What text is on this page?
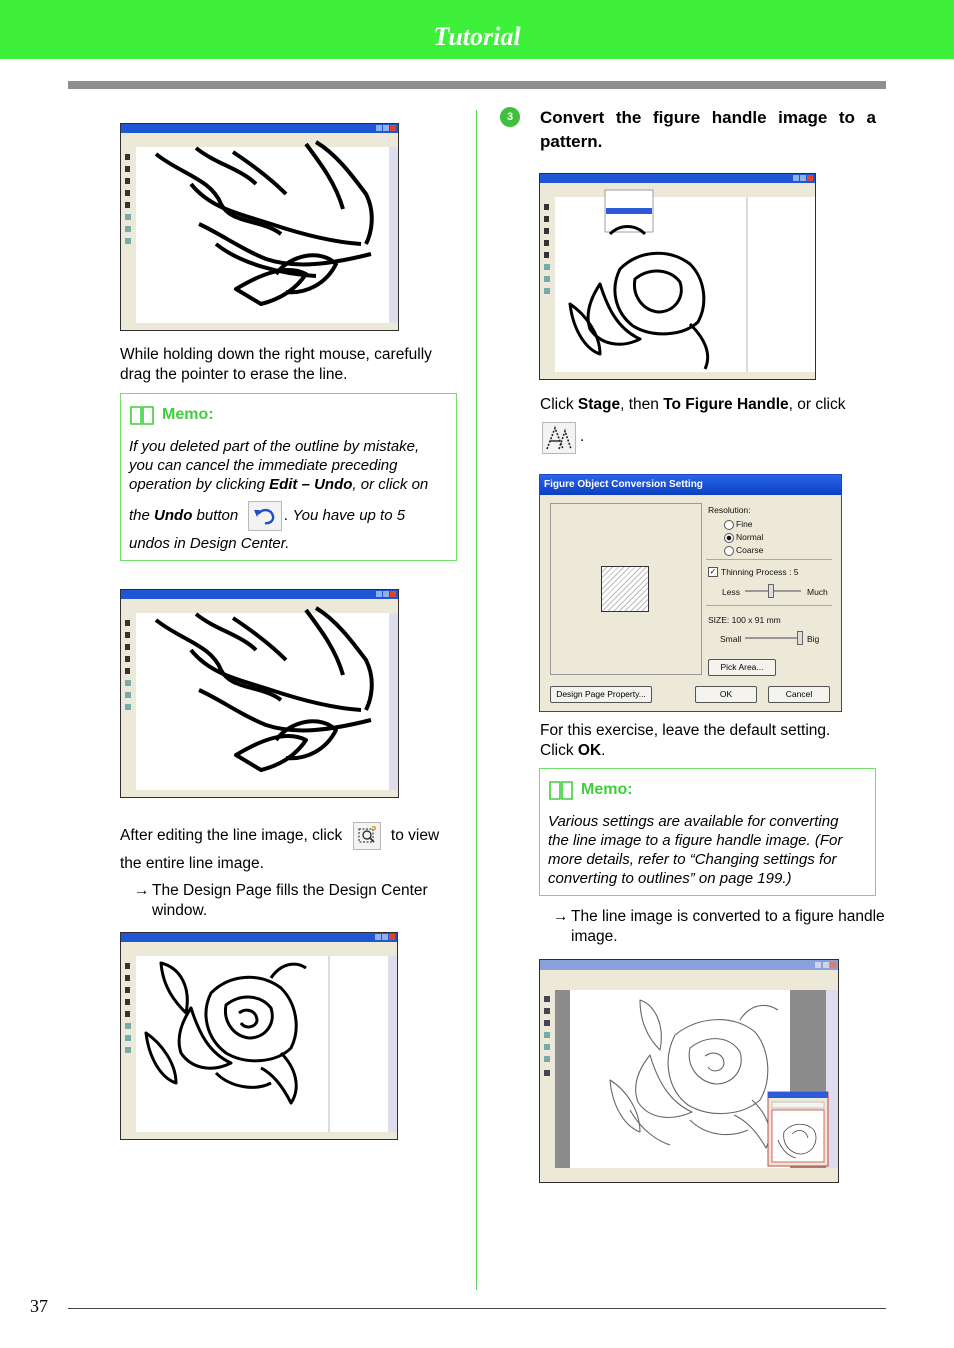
Tutorial
While holding down the right mouse, carefully drag the pointer to erase the line.
Memo:
If you deleted part of the outline by mistake,
you can cancel the immediate preceding
operation by clicking Edit – Undo, or click on
the Undo button	. You have up to 5
undos in Design Center.
After editing the line image, click	to view
the entire line image.
→ The Design Page fills the Design Center window.
3	Convert the figure handle image to a pattern.
Click Stage, then To Figure Handle, or click
.
Figure Object Conversion Setting
Resolution:
Fine
Normal
Coarse
✓ Thinning Process : 5
Less	Much
SIZE: 100 x 91 mm
Small	Big
Pick Area...
Design Page Property...	OK	Cancel
For this exercise, leave the default setting.
Click OK.
Memo:
Various settings are available for converting
the line image to a figure handle image. (For
more details, refer to “Changing settings for
converting to outlines” on page 199.)
→ The line image is converted to a figure handle image.
37
